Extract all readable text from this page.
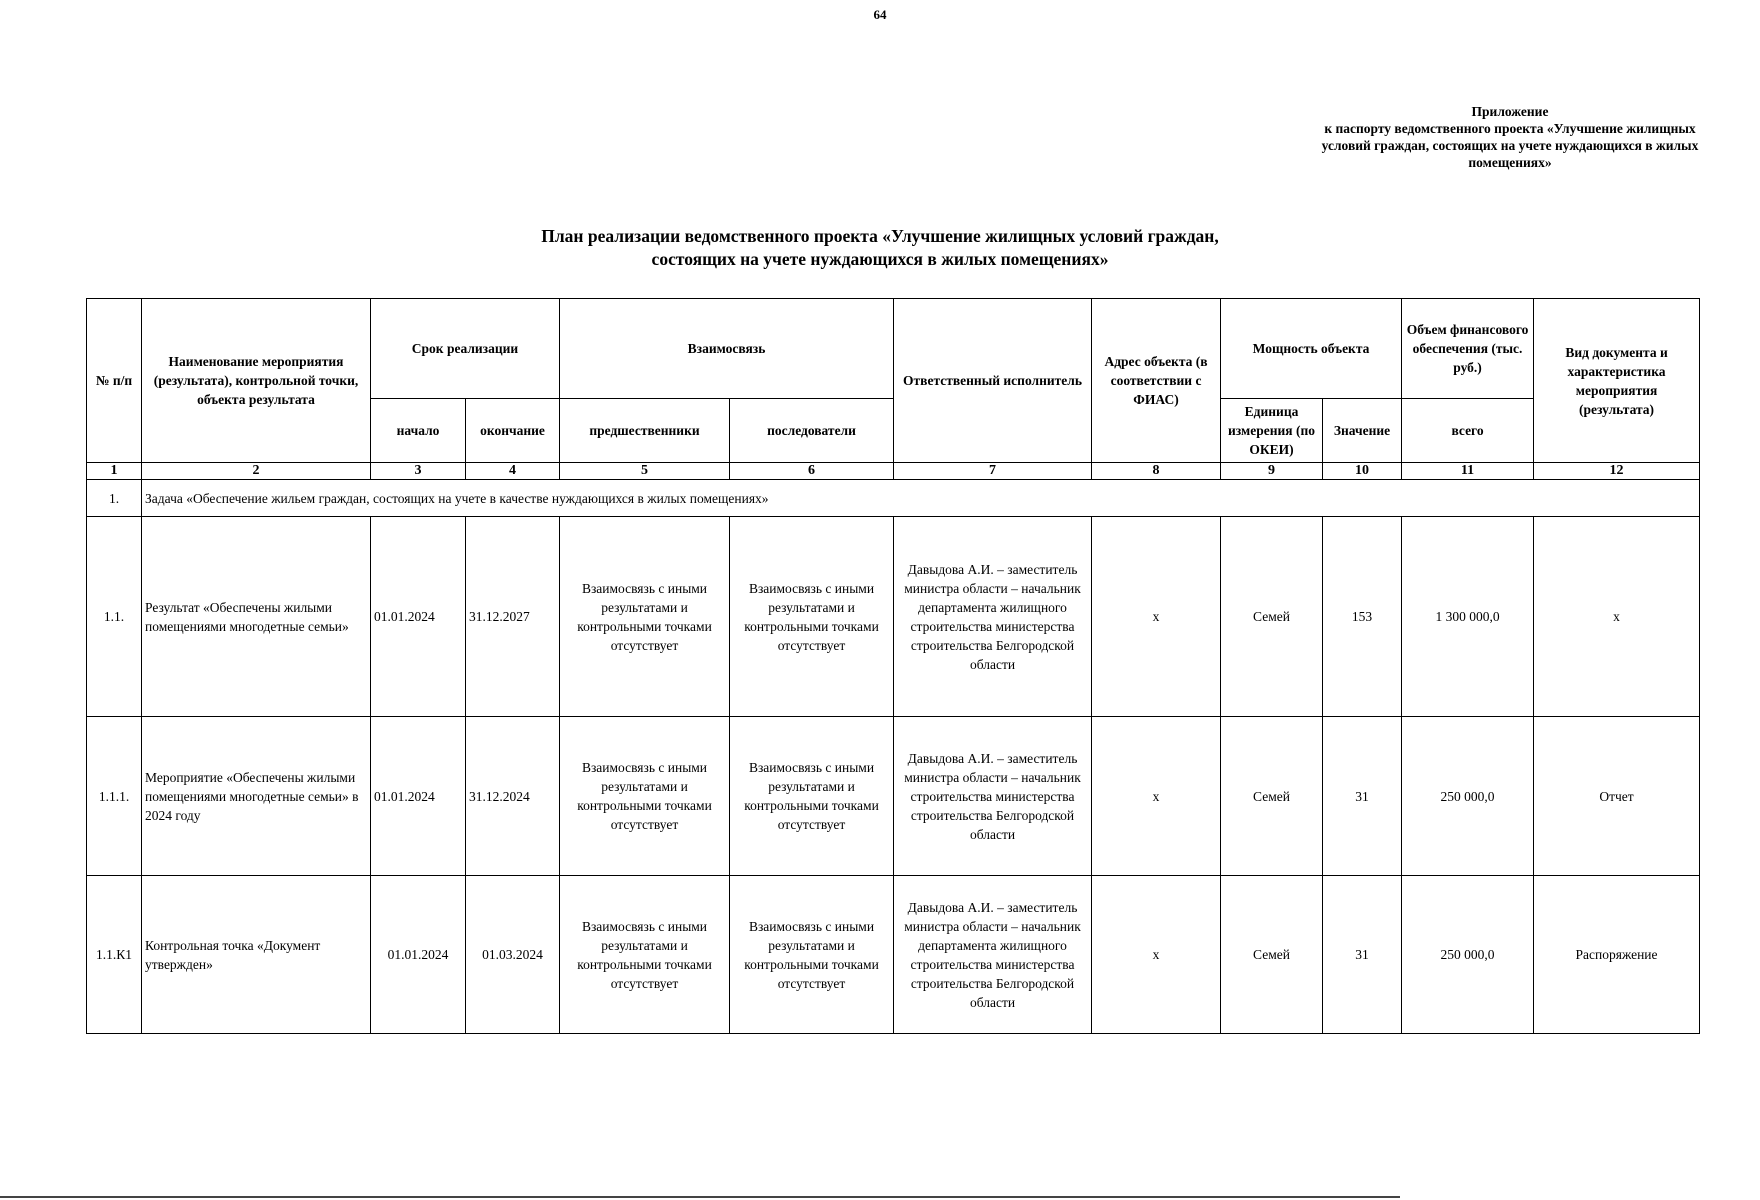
64
Приложение
к паспорту ведомственного проекта «Улучшение жилищных условий граждан, состоящих на учете нуждающихся в жилых помещениях»
План реализации ведомственного проекта «Улучшение жилищных условий граждан,
состоящих на учете нуждающихся в жилых помещениях»
№ п/п	Наименование мероприятия (результата), контрольной точки, объекта результата	Срок реализации		Взаимосвязь		Ответственный исполнитель	Адрес объекта (в соответствии с ФИАС)	Мощность объекта		Объем финансового обеспечения (тыс. руб.)	Вид документа и характеристика мероприятия (результата)
		начало	окончание	предшественники	последователи			Единица измерения (по ОКЕИ)	Значение	всего	
1	2	3	4	5	6	7	8	9	10	11	12
1.	Задача «Обеспечение жильем граждан, состоящих на учете в качестве нуждающихся в жилых помещениях»										
1.1.	Результат «Обеспечены жилыми помещениями многодетные семьи»	01.01.2024	31.12.2027	Взаимосвязь с иными результатами и контрольными точками отсутствует	Взаимосвязь с иными результатами и контрольными точками отсутствует	Давыдова А.И. – заместитель министра области – начальник департамента жилищного строительства министерства строительства Белгородской области	х	Семей	153	1 300 000,0	х
1.1.1.	Мероприятие «Обеспечены жилыми помещениями многодетные семьи» в 2024 году	01.01.2024	31.12.2024	Взаимосвязь с иными результатами и контрольными точками отсутствует	Взаимосвязь с иными результатами и контрольными точками отсутствует	Давыдова А.И. – заместитель министра области – начальник строительства министерства строительства Белгородской области	х	Семей	31	250 000,0	Отчет
1.1.К1	Контрольная точка «Документ утвержден»	01.01.2024	01.03.2024	Взаимосвязь с иными результатами и контрольными точками отсутствует	Взаимосвязь с иными результатами и контрольными точками отсутствует	Давыдова А.И. – заместитель министра области – начальник департамента жилищного строительства министерства строительства Белгородской области	х	Семей	31	250 000,0	Распоряжение
